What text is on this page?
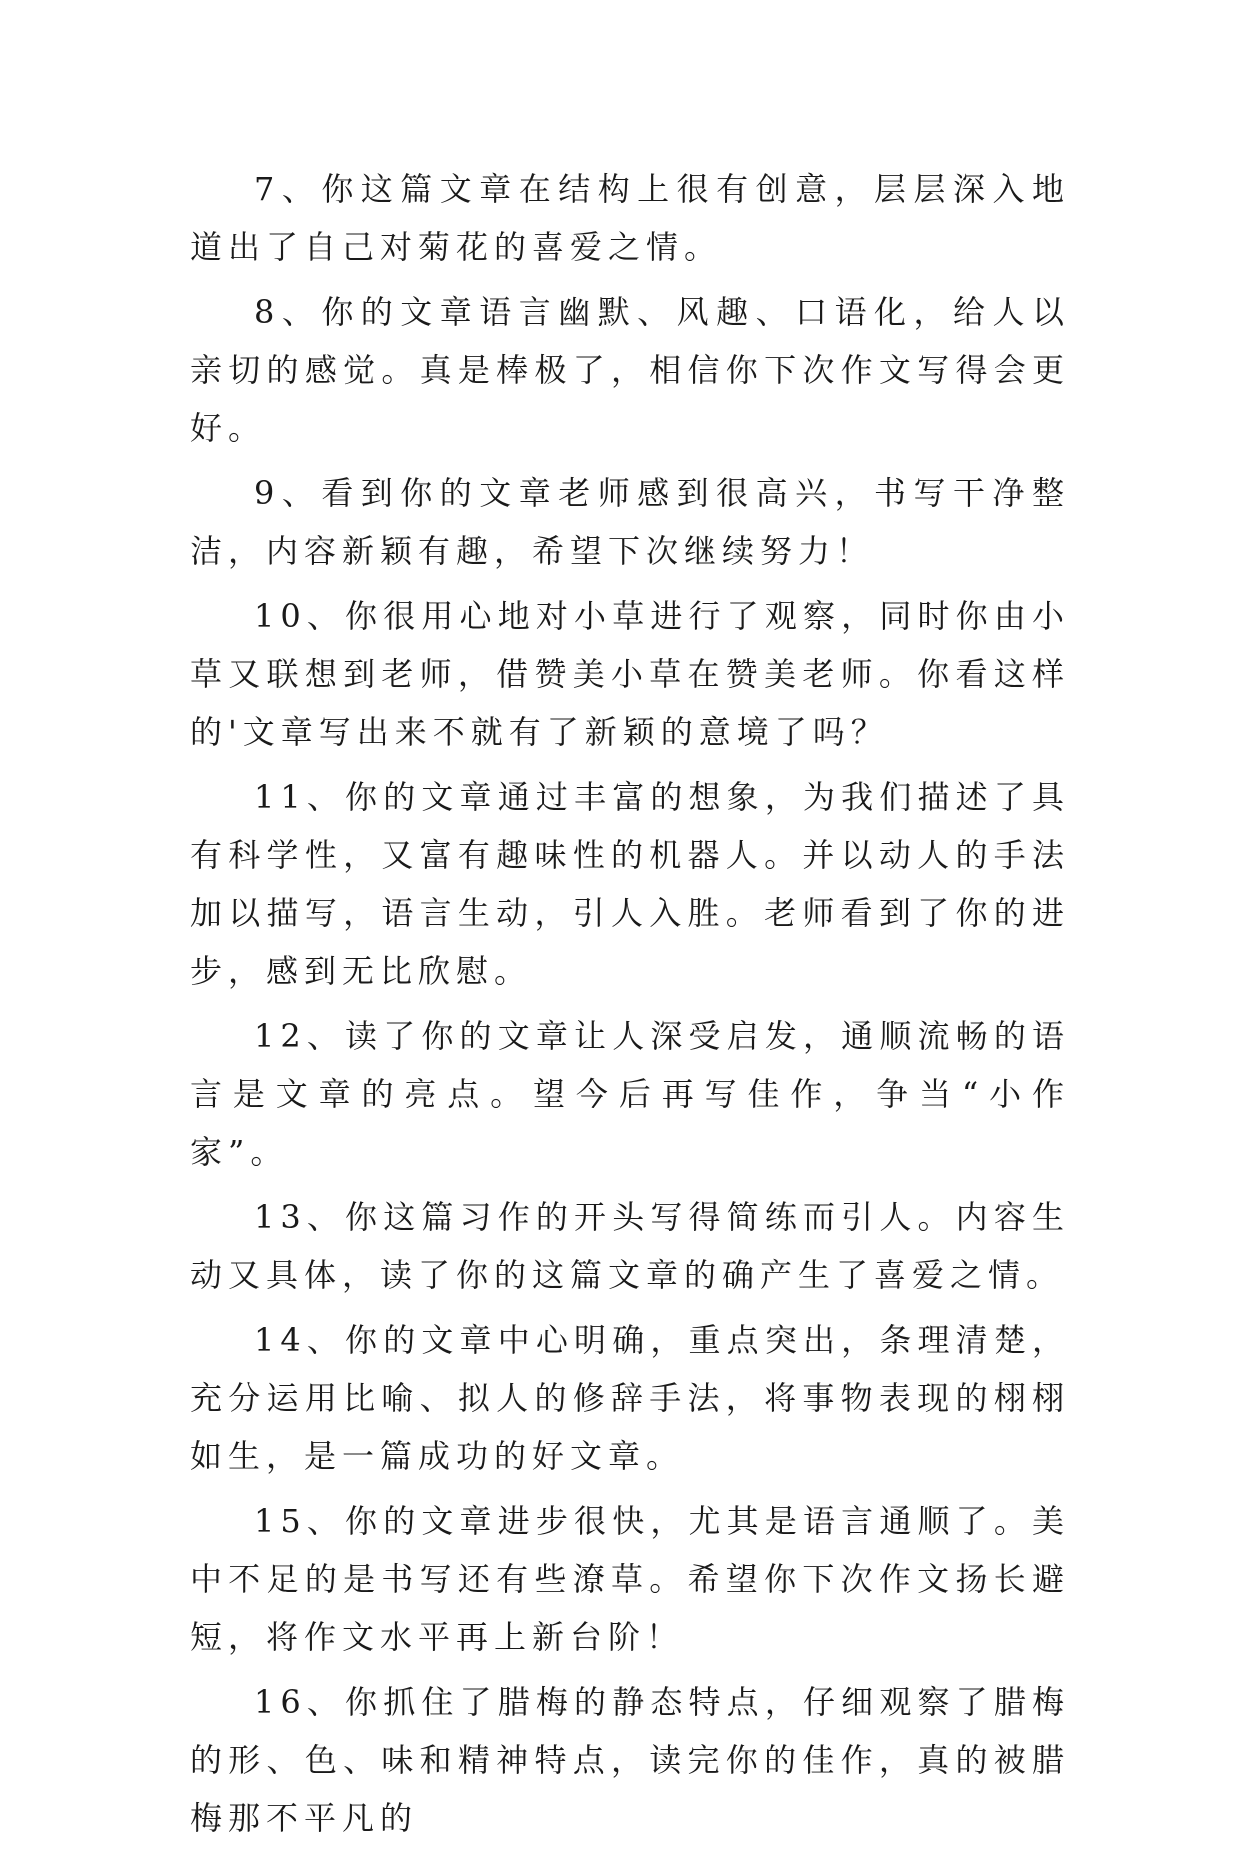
7、你这篇文章在结构上很有创意，层层深入地道出了自己对菊花的喜爱之情。

8、你的文章语言幽默、风趣、口语化，给人以亲切的感觉。真是棒极了，相信你下次作文写得会更好。

9、看到你的文章老师感到很高兴，书写干净整洁，内容新颖有趣，希望下次继续努力！

10、你很用心地对小草进行了观察，同时你由小草又联想到老师，借赞美小草在赞美老师。你看这样的'文章写出来不就有了新颖的意境了吗？

11、你的文章通过丰富的想象，为我们描述了具有科学性，又富有趣味性的机器人。并以动人的手法加以描写，语言生动，引人入胜。老师看到了你的进步，感到无比欣慰。

12、读了你的文章让人深受启发，通顺流畅的语言是文章的亮点。望今后再写佳作，争当“小作家”。

13、你这篇习作的开头写得简练而引人。内容生动又具体，读了你的这篇文章的确产生了喜爱之情。

14、你的文章中心明确，重点突出，条理清楚，充分运用比喻、拟人的修辞手法，将事物表现的栩栩如生，是一篇成功的好文章。

15、你的文章进步很快，尤其是语言通顺了。美中不足的是书写还有些潦草。希望你下次作文扬长避短，将作文水平再上新台阶！

16、你抓住了腊梅的静态特点，仔细观察了腊梅的形、色、味和精神特点，读完你的佳作，真的被腊梅那不平凡的
